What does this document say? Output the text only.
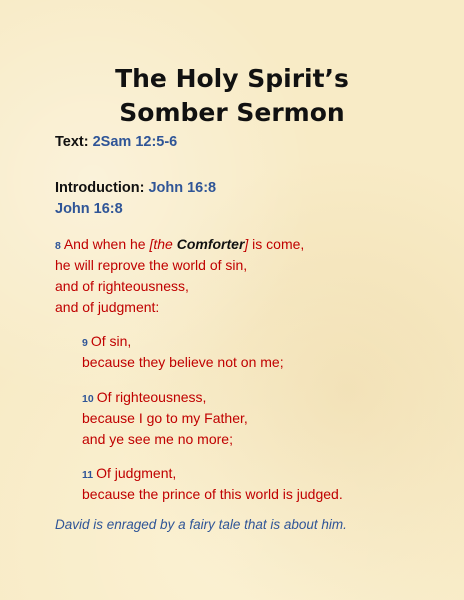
The Holy Spirit’s
Somber Sermon
Text: 2Sam 12:5-6
Introduction: John 16:8
John 16:8
8 And when he [the Comforter] is come,
he will reprove the world of sin,
and of righteousness,
and of judgment:
9 Of sin,
because they believe not on me;
10 Of righteousness,
because I go to my Father,
and ye see me no more;
11 Of judgment,
because the prince of this world is judged.
David is enraged by a fairy tale that is about him.
